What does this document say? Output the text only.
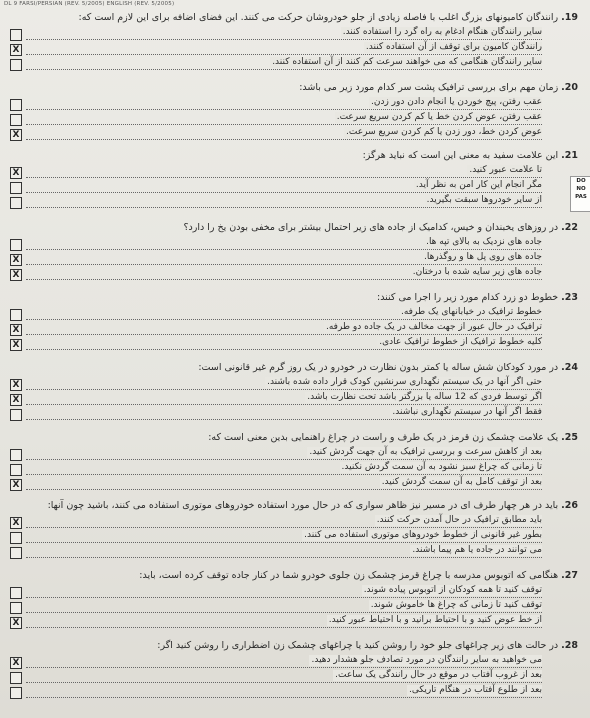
DL 9 FARSI/PERSIAN (REV. 5/2005) ENGLISH (REV. 5/2005)
DO
NO
PAS
19.رانندگان کامیونهای بزرگ اغلب با فاصله زیادی از جلو خودروشان حرکت می کنند. این فضای اضافه برای این لازم است که:
سایر رانندگان هنگام ادغام به راه گرد را استفاده کنند.
X	رانندگان کامیون برای توقف از آن استفاده کنند.
سایر رانندگان هنگامی که می خواهند سرعت کم کنند از آن استفاده کنند.
20.زمان مهم برای بررسی ترافیک پشت سر کدام مورد زیر می باشد:
عقب رفتن، پیچ خوردن یا انجام دادن دور زدن.
عقب رفتن، عوض کردن خط یا کم کردن سریع سرعت.
X	عوض کردن خط، دور زدن یا کم کردن سریع سرعت.
21.این علامت سفید به معنی این است که نباید هرگز:
X	تا علامت عبور کنید.
مگر انجام این کار امن به نظر آید.
از سایر خودروها سبقت بگیرید.
22.در روزهای یخبندان و خیس، کدامیک از جاده های زیر احتمال بیشتر برای مخفی بودن یخ را دارد؟
جاده های نزدیک به بالای تپه ها.
X	جاده های روی پل ها و روگذرها.
X	جاده های زیر سایه شده با درختان.
23.خطوط دو زرد کدام مورد زیر را اجرا می کنند:
خطوط ترافیک در خیابانهای یک طرفه.
X	ترافیک در حال عبور از جهت مخالف در یک جاده دو طرفه.
X	کلیه خطوط ترافیک از خطوط ترافیک عادی.
24.در مورد کودکان شش ساله یا کمتر بدون نظارت در خودرو در یک روز گرم غیر قانونی است:
X	حتی اگر آنها در یک سیستم نگهداری سرنشین کودک قرار داده شده باشند.
X	اگر توسط فردی که 12 ساله یا بزرگتر باشد تحت نظارت باشد.
فقط اگر آنها در سیستم نگهداری نباشند.
25.یک علامت چشمک زن قرمز در یک طرف و راست در چراغ راهنمایی بدین معنی است که:
بعد از کاهش سرعت و بررسی ترافیک به آن جهت گردش کنید.
تا زمانی که چراغ سبز نشود به آن سمت گردش نکنید.
X	بعد از توقف کامل به آن سمت گردش کنید.
26.باید در هر چهار طرف ای در مسیر نیز ظاهر سواری که در حال مورد استفاده خودروهای موتوری استفاده می کنند، باشید چون آنها:
X	باید مطابق ترافیک در حال آمدن حرکت کنند.
بطور غیر قانونی از خطوط خودروهای موتوری استفاده می کنند.
می توانند در جاده یا هم پیما باشند.
27.هنگامی که اتوبوس مدرسه با چراغ قرمز چشمک زن جلوی خودرو شما در کنار جاده توقف کرده است، باید:
توقف کنید تا همه کودکان از اتوبوس پیاده شوند.
توقف کنید تا زمانی که چراغ ها خاموش شوند.
X	از خط عوض کنید و با احتیاط برانید و با احتیاط عبور کنید.
28.در حالت های زیر چراغهای جلو خود را روشن کنید یا چراغهای چشمک زن اضطراری را روشن کنید اگر:
X	می خواهید به سایر رانندگان در مورد تصادف جلو هشدار دهید.
بعد از غروب آفتاب در موقع در حال رانندگی یک ساعت.
بعد از طلوع آفتاب در هنگام تاریکی.
